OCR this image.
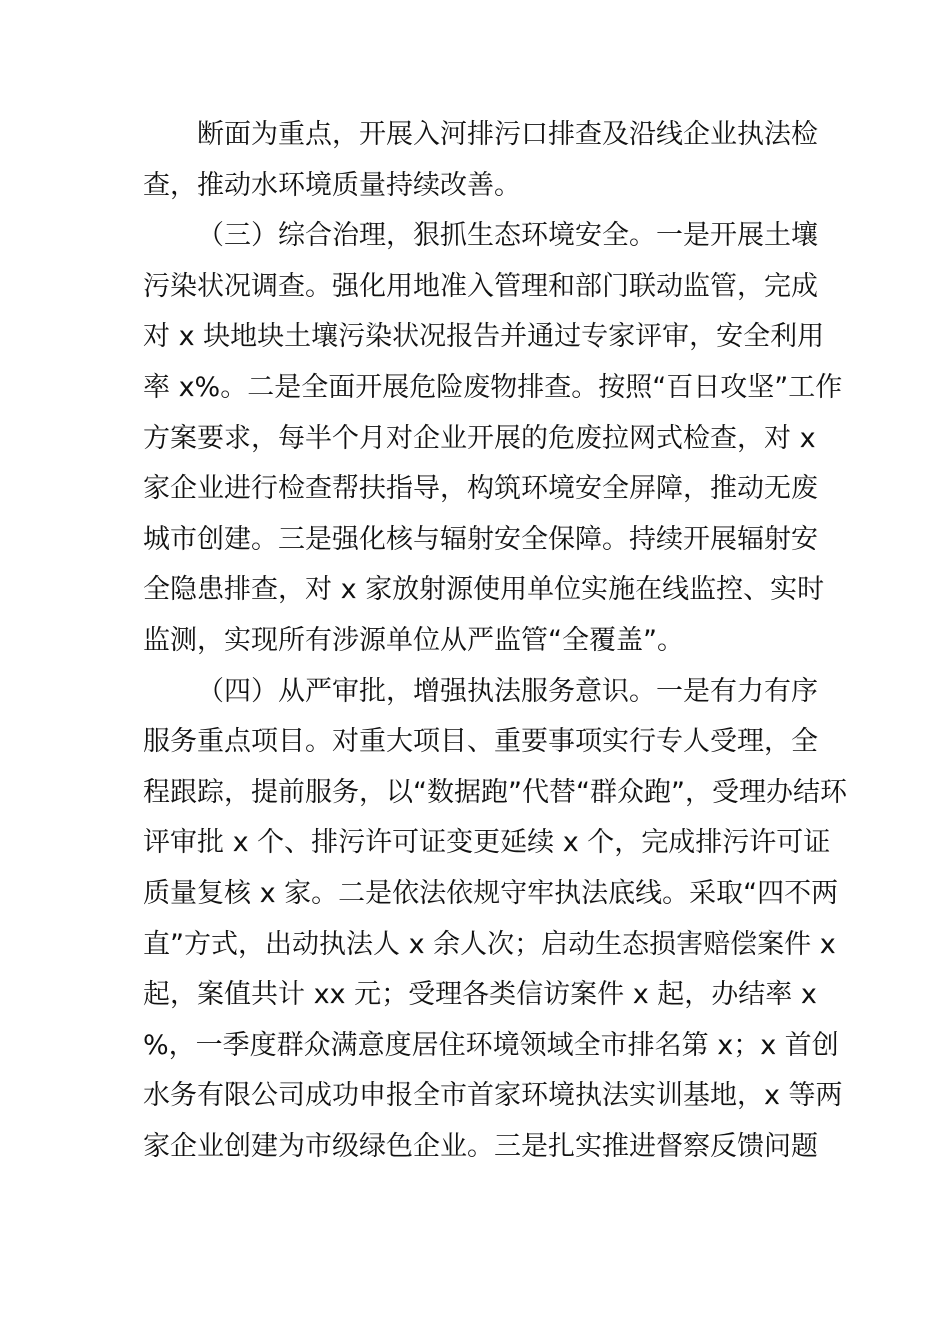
断面为重点，开展入河排污口排查及沿线企业执法检
查，推动水环境质量持续改善。
（三）综合治理，狠抓生态环境安全。一是开展土壤
污染状况调查。强化用地准入管理和部门联动监管，完成
对 x 块地块土壤污染状况报告并通过专家评审，安全利用
率 x%。二是全面开展危险废物排查。按照“百日攻坚”工作
方案要求，每半个月对企业开展的危废拉网式检查，对 x
家企业进行检查帮扶指导，构筑环境安全屏障，推动无废
城市创建。三是强化核与辐射安全保障。持续开展辐射安
全隐患排查，对 x 家放射源使用单位实施在线监控、实时
监测，实现所有涉源单位从严监管“全覆盖”。
（四）从严审批，增强执法服务意识。一是有力有序
服务重点项目。对重大项目、重要事项实行专人受理，全
程跟踪，提前服务，以“数据跑”代替“群众跑”，受理办结环
评审批 x 个、排污许可证变更延续 x 个，完成排污许可证
质量复核 x 家。二是依法依规守牢执法底线。采取“四不两
直”方式，出动执法人 x 余人次；启动生态损害赔偿案件 x
起，案值共计 xx 元；受理各类信访案件 x 起，办结率 x
%，一季度群众满意度居住环境领域全市排名第 x；x 首创
水务有限公司成功申报全市首家环境执法实训基地，x 等两
家企业创建为市级绿色企业。三是扎实推进督察反馈问题
